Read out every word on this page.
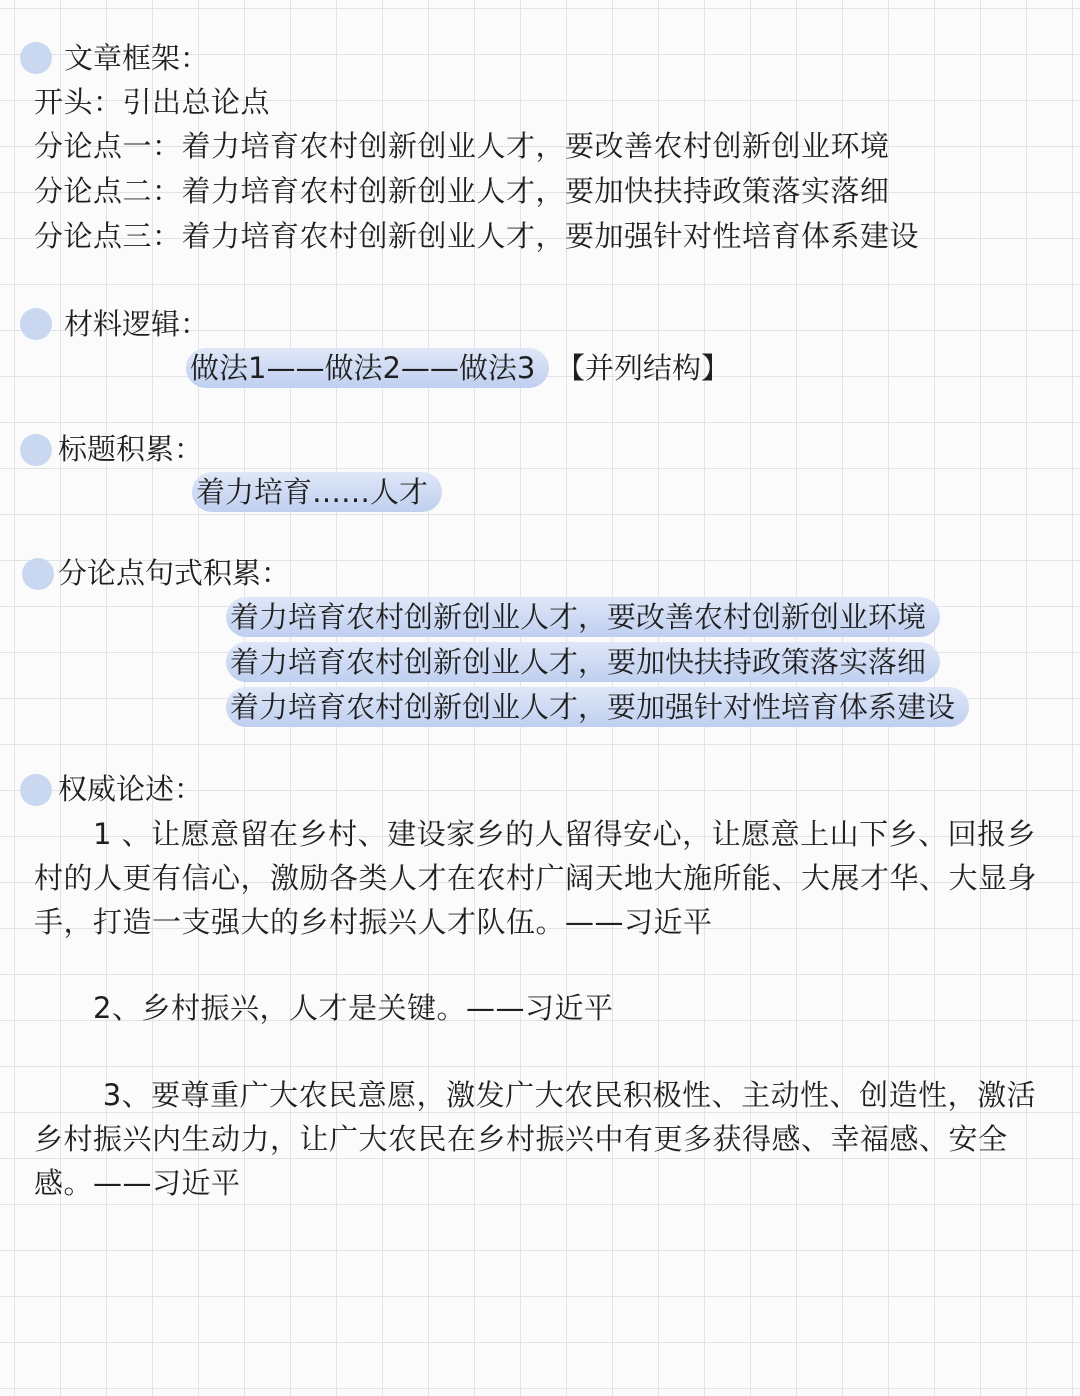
文章框架：
开头：引出总论点
分论点一：着力培育农村创新创业人才，要改善农村创新创业环境
分论点二：着力培育农村创新创业人才，要加快扶持政策落实落细
分论点三：着力培育农村创新创业人才，要加强针对性培育体系建设
材料逻辑：
做法1——做法2——做法3 【并列结构】
标题积累：
着力培育……人才
分论点句式积累：
着力培育农村创新创业人才，要改善农村创新创业环境
着力培育农村创新创业人才，要加快扶持政策落实落细
着力培育农村创新创业人才，要加强针对性培育体系建设
权威论述：
　　1 、让愿意留在乡村、建设家乡的人留得安心，让愿意上山下乡、回报乡村的人更有信心，激励各类人才在农村广阔天地大施所能、大展才华、大显身手，打造一支强大的乡村振兴人才队伍。——习近平
　　2、乡村振兴，人才是关键。——习近平
　　 3、要尊重广大农民意愿，激发广大农民积极性、主动性、创造性，激活乡村振兴内生动力，让广大农民在乡村振兴中有更多获得感、幸福感、安全感。——习近平
